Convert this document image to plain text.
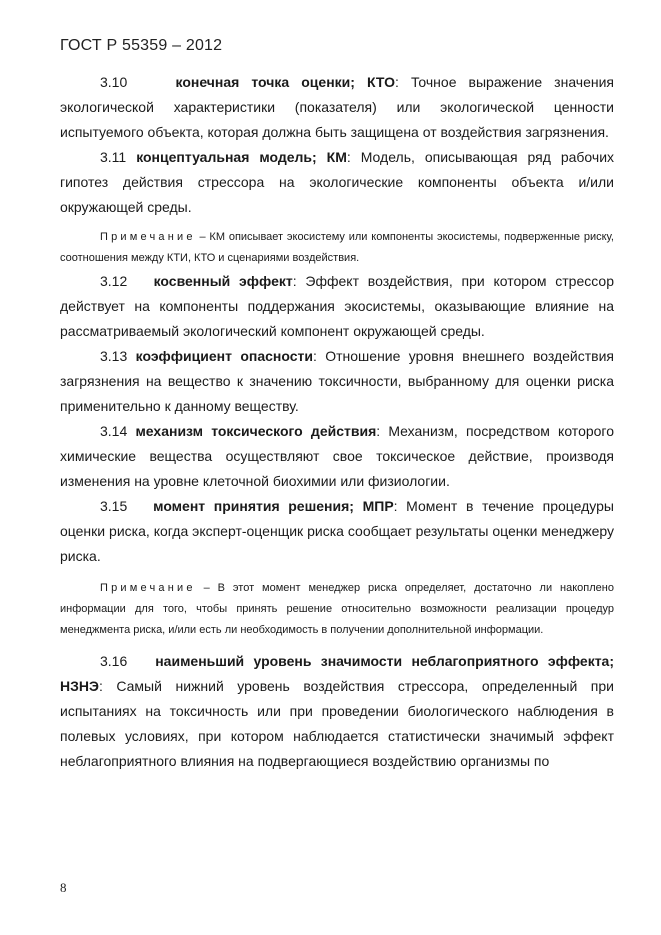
ГОСТ Р 55359 – 2012

3.10	конечная точка оценки; КТО: Точное выражение значения экологической характеристики (показателя) или экологической ценности испытуемого объекта, которая должна быть защищена от воздействия загрязнения.

3.11 концептуальная модель; КМ: Модель, описывающая ряд рабочих гипотез действия стрессора на экологические компоненты объекта и/или окружающей среды.

Примечание – КМ описывает экосистему или компоненты экосистемы, подверженные риску, соотношения между КТИ, КТО и сценариями воздействия.

3.12 косвенный эффект: Эффект воздействия, при котором стрессор действует на компоненты поддержания экосистемы, оказывающие влияние на рассматриваемый экологический компонент окружающей среды.

3.13 коэффициент опасности: Отношение уровня внешнего воздействия загрязнения на вещество к значению токсичности, выбранному для оценки риска применительно к данному веществу.

3.14 механизм токсического действия: Механизм, посредством которого химические вещества осуществляют свое токсическое действие, производя изменения на уровне клеточной биохимии или физиологии.

3.15 момент принятия решения; МПР: Момент в течение процедуры оценки риска, когда эксперт-оценщик риска сообщает результаты оценки менеджеру риска.

Примечание – В этот момент менеджер риска определяет, достаточно ли накоплено информации для того, чтобы принять решение относительно возможности реализации процедур менеджмента риска, и/или есть ли необходимость в получении дополнительной информации.

3.16 наименьший уровень значимости неблагоприятного эффекта; НЗНЭ: Самый нижний уровень воздействия стрессора, определенный при испытаниях на токсичность или при проведении биологического наблюдения в полевых условиях, при котором наблюдается статистически значимый эффект неблагоприятного влияния на подвергающиеся воздействию организмы по

8
